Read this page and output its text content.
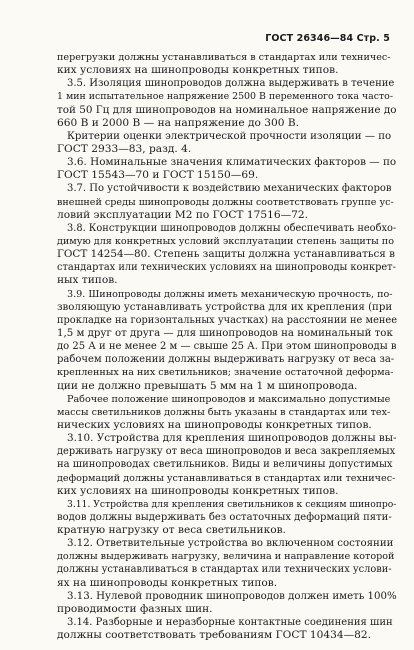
ГОСТ 26346—84 Стр. 5
перегрузки должны устанавливаться в стандартах или техничес-
ких условиях на шинопроводы конкретных типов.
3.5. Изоляция шинопроводов должна выдерживать в течение
1 мин испытательное напряжение 2500 В переменного тока часто-
той 50 Гц для шинопроводов на номинальное напряжение до
660 В и 2000 В — на напряжение до 300 В.
Критерии оценки электрической прочности изоляции — по
ГОСТ 2933—83, разд. 4.
3.6. Номинальные значения климатических факторов — по
ГОСТ 15543—70 и ГОСТ 15150—69.
3.7. По устойчивости к воздействию механических факторов
внешней среды шинопроводы должны соответствовать группе ус-
ловий эксплуатации М2 по ГОСТ 17516—72.
3.8. Конструкции шинопроводов должны обеспечивать необхо-
димую для конкретных условий эксплуатации степень защиты по
ГОСТ 14254—80. Степень защиты должна устанавливаться в
стандартах или технических условиях на шинопроводы конкрет-
ных типов.
3.9. Шинопроводы должны иметь механическую прочность, по-
зволяющую устанавливать устройства для их крепления (при
прокладке на горизонтальных участках) на расстоянии не менее
1,5 м друг от друга — для шинопроводов на номинальный ток
до 25 А и не менее 2 м — свыше 25 А. При этом шинопроводы в
рабочем положении должны выдерживать нагрузку от веса за-
крепленных на них светильников; значение остаточной деформа-
ции не должно превышать 5 мм на 1 м шинопровода.
Рабочее положение шинопроводов и максимально допустимые
массы светильников должны быть указаны в стандартах или тех-
нических условиях на шинопроводы конкретных типов.
3.10. Устройства для крепления шинопроводов должны вы-
держивать нагрузку от веса шинопроводов и веса закрепляемых
на шинопроводах светильников. Виды и величины допустимых
деформаций должны устанавливаться в стандартах или техничес-
ких условиях на шинопроводы конкретных типов.
3.11. Устройства для крепления светильников к секциям шинопро-
водов должны выдерживать без остаточных деформаций пяти-
кратную нагрузку от веса светильников.
3.12. Ответвительные устройства во включенном состоянии
должны выдерживать нагрузку, величина и направление которой
должны устанавливаться в стандартах или технических услови-
ях на шинопроводы конкретных типов.
3.13. Нулевой проводник шинопроводов должен иметь 100%
проводимости фазных шин.
3.14. Разборные и неразборные контактные соединения шин
должны соответствовать требованиям ГОСТ 10434—82.
